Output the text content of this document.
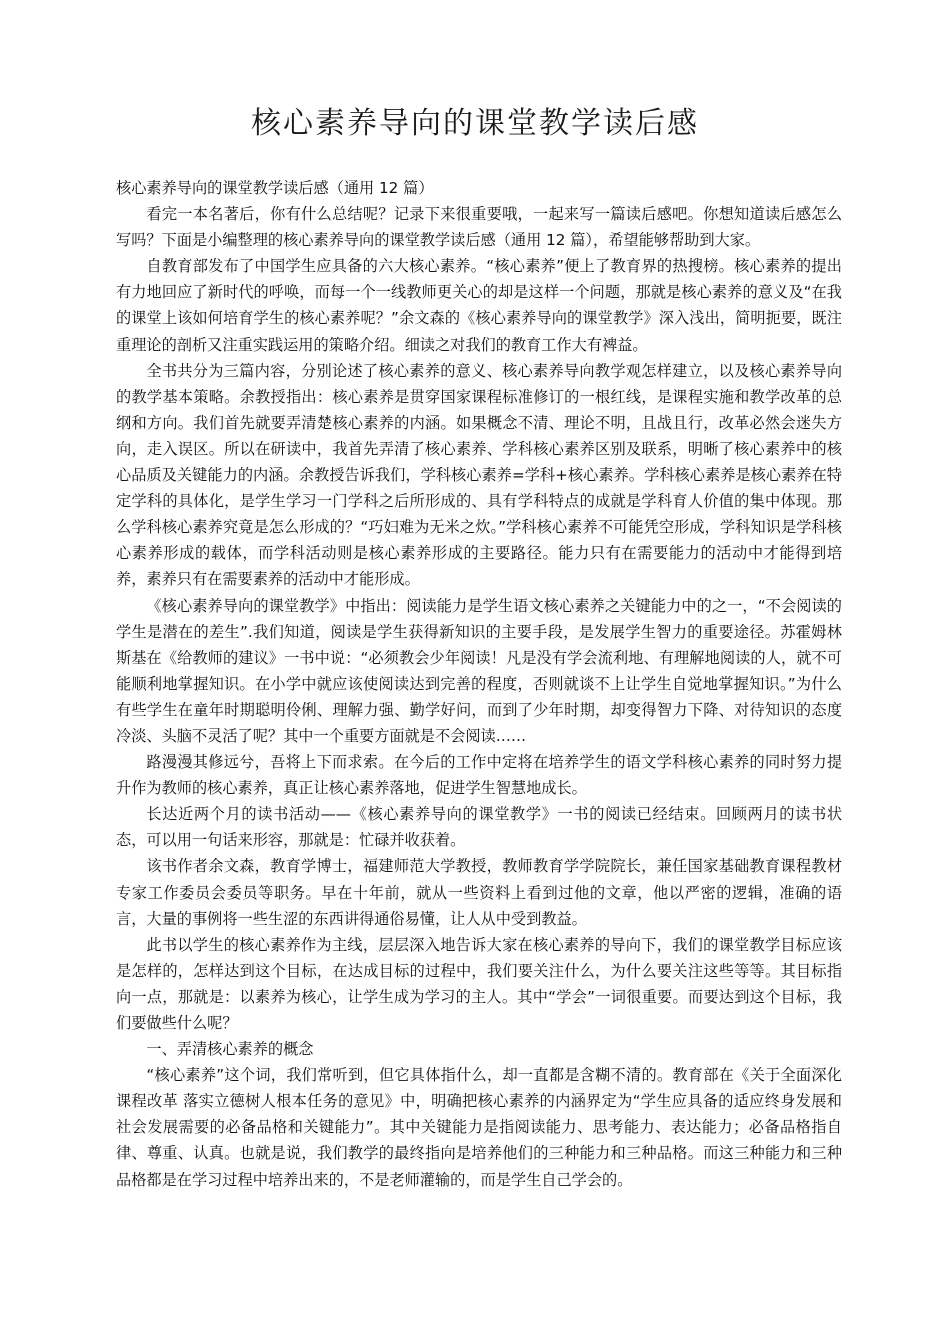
核心素养导向的课堂教学读后感

核心素养导向的课堂教学读后感（通用 12 篇）

看完一本名著后，你有什么总结呢？记录下来很重要哦，一起来写一篇读后感吧。你想知道读后感怎么写吗？下面是小编整理的核心素养导向的课堂教学读后感（通用 12 篇），希望能够帮助到大家。

自教育部发布了中国学生应具备的六大核心素养。“核心素养”便上了教育界的热搜榜。核心素养的提出有力地回应了新时代的呼唤，而每一个一线教师更关心的却是这样一个问题，那就是核心素养的意义及“在我的课堂上该如何培育学生的核心素养呢？”余文森的《核心素养导向的课堂教学》深入浅出，简明扼要，既注重理论的剖析又注重实践运用的策略介绍。细读之对我们的教育工作大有裨益。

全书共分为三篇内容，分别论述了核心素养的意义、核心素养导向教学观怎样建立，以及核心素养导向的教学基本策略。余教授指出：核心素养是贯穿国家课程标准修订的一根红线，是课程实施和教学改革的总纲和方向。我们首先就要弄清楚核心素养的内涵。如果概念不清、理论不明，且战且行，改革必然会迷失方向，走入误区。所以在研读中，我首先弄清了核心素养、学科核心素养区别及联系，明晰了核心素养中的核心品质及关键能力的内涵。余教授告诉我们，学科核心素养=学科+核心素养。学科核心素养是核心素养在特定学科的具体化，是学生学习一门学科之后所形成的、具有学科特点的成就是学科育人价值的集中体现。那么学科核心素养究竟是怎么形成的？“巧妇难为无米之炊。”学科核心素养不可能凭空形成，学科知识是学科核心素养形成的载体，而学科活动则是核心素养形成的主要路径。能力只有在需要能力的活动中才能得到培养，素养只有在需要素养的活动中才能形成。

《核心素养导向的课堂教学》中指出：阅读能力是学生语文核心素养之关键能力中的之一，“不会阅读的学生是潜在的差生”.我们知道，阅读是学生获得新知识的主要手段，是发展学生智力的重要途径。苏霍姆林斯基在《给教师的建议》一书中说：“必须教会少年阅读！凡是没有学会流利地、有理解地阅读的人，就不可能顺利地掌握知识。在小学中就应该使阅读达到完善的程度，否则就谈不上让学生自觉地掌握知识。”为什么有些学生在童年时期聪明伶俐、理解力强、勤学好问，而到了少年时期，却变得智力下降、对待知识的态度冷淡、头脑不灵活了呢？其中一个重要方面就是不会阅读……

路漫漫其修远兮，吾将上下而求索。在今后的工作中定将在培养学生的语文学科核心素养的同时努力提升作为教师的核心素养，真正让核心素养落地，促进学生智慧地成长。

长达近两个月的读书活动——《核心素养导向的课堂教学》一书的阅读已经结束。回顾两月的读书状态，可以用一句话来形容，那就是：忙碌并收获着。

该书作者余文森，教育学博士，福建师范大学教授，教师教育学学院院长，兼任国家基础教育课程教材专家工作委员会委员等职务。早在十年前，就从一些资料上看到过他的文章，他以严密的逻辑，准确的语言，大量的事例将一些生涩的东西讲得通俗易懂，让人从中受到教益。

此书以学生的核心素养作为主线，层层深入地告诉大家在核心素养的导向下，我们的课堂教学目标应该是怎样的，怎样达到这个目标，在达成目标的过程中，我们要关注什么，为什么要关注这些等等。其目标指向一点，那就是：以素养为核心，让学生成为学习的主人。其中“学会”一词很重要。而要达到这个目标，我们要做些什么呢？

一、弄清核心素养的概念

“核心素养”这个词，我们常听到，但它具体指什么，却一直都是含糊不清的。教育部在《关于全面深化课程改革 落实立德树人根本任务的意见》中，明确把核心素养的内涵界定为“学生应具备的适应终身发展和社会发展需要的必备品格和关键能力”。其中关键能力是指阅读能力、思考能力、表达能力；必备品格指自律、尊重、认真。也就是说，我们教学的最终指向是培养他们的三种能力和三种品格。而这三种能力和三种品格都是在学习过程中培养出来的，不是老师灌输的，而是学生自己学会的。
